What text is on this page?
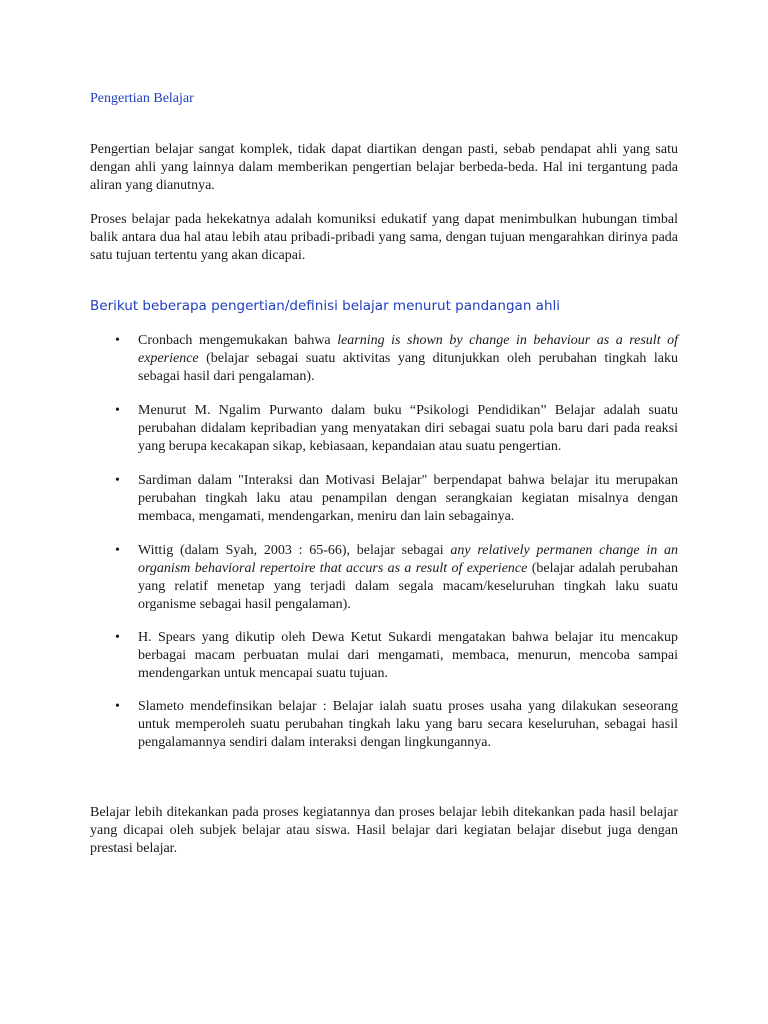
Pengertian Belajar

Pengertian belajar sangat komplek, tidak dapat diartikan dengan pasti, sebab pendapat ahli yang satu dengan ahli yang lainnya dalam memberikan pengertian belajar berbeda-beda. Hal ini tergantung pada aliran yang dianutnya.

Proses belajar pada hekekatnya adalah komuniksi edukatif yang dapat menimbulkan hubungan timbal balik antara dua hal atau lebih atau pribadi-pribadi yang sama, dengan tujuan mengarahkan dirinya pada satu tujuan tertentu yang akan dicapai.

Berikut beberapa pengertian/definisi belajar menurut pandangan ahli
• Cronbach mengemukakan bahwa learning is shown by change in behaviour as a result of experience (belajar sebagai suatu aktivitas yang ditunjukkan oleh perubahan tingkah laku sebagai hasil dari pengalaman).
• Menurut M. Ngalim Purwanto dalam buku “Psikologi Pendidikan” Belajar adalah suatu perubahan didalam kepribadian yang menyatakan diri sebagai suatu pola baru dari pada reaksi yang berupa kecakapan sikap, kebiasaan, kepandaian atau suatu pengertian.
• Sardiman dalam "Interaksi dan Motivasi Belajar" berpendapat bahwa belajar itu merupakan perubahan tingkah laku atau penampilan dengan serangkaian kegiatan misalnya dengan membaca, mengamati, mendengarkan, meniru dan lain sebagainya.
• Wittig (dalam Syah, 2003 : 65-66), belajar sebagai any relatively permanen change in an organism behavioral repertoire that accurs as a result of experience (belajar adalah perubahan yang relatif menetap yang terjadi dalam segala macam/keseluruhan tingkah laku suatu organisme sebagai hasil pengalaman).
• H. Spears yang dikutip oleh Dewa Ketut Sukardi mengatakan bahwa belajar itu mencakup berbagai macam perbuatan mulai dari mengamati, membaca, menurun, mencoba sampai mendengarkan untuk mencapai suatu tujuan.
• Slameto mendefinsikan belajar : Belajar ialah suatu proses usaha yang dilakukan seseorang untuk memperoleh suatu perubahan tingkah laku yang baru secara keseluruhan, sebagai hasil pengalamannya sendiri dalam interaksi dengan lingkungannya.

Belajar lebih ditekankan pada proses kegiatannya dan proses belajar lebih ditekankan pada hasil belajar yang dicapai oleh subjek belajar atau siswa. Hasil belajar dari kegiatan belajar disebut juga dengan prestasi belajar.
